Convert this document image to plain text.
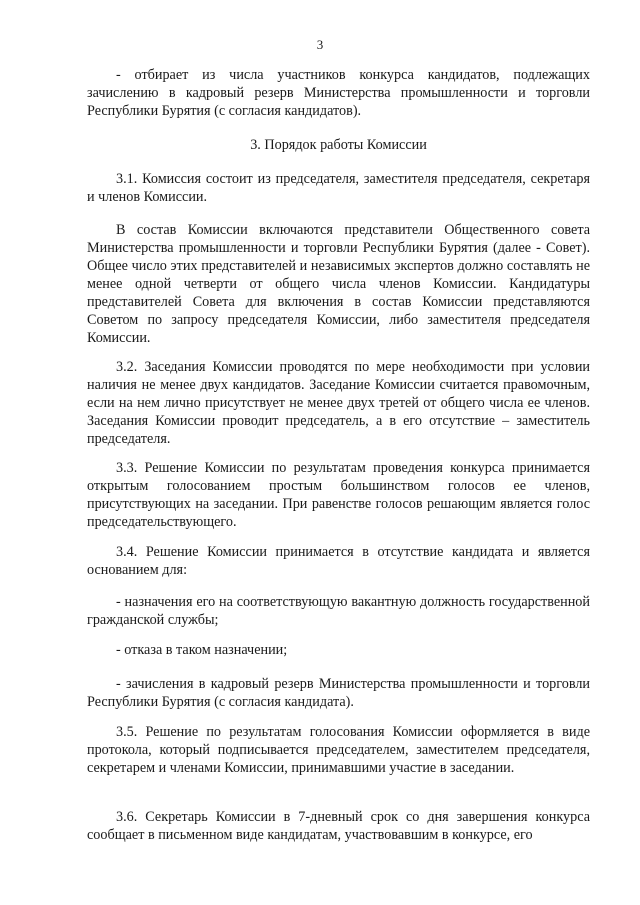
3

- отбирает из числа участников конкурса кандидатов, подлежащих зачислению в кадровый резерв Министерства промышленности и торговли Республики Бурятия (с согласия кандидатов).

3. Порядок работы Комиссии

3.1. Комиссия состоит из председателя, заместителя председателя, секретаря и членов Комиссии.

В состав Комиссии включаются представители Общественного совета Министерства промышленности и торговли Республики Бурятия (далее - Совет). Общее число этих представителей и независимых экспертов должно составлять не менее одной четверти от общего числа членов Комиссии. Кандидатуры представителей Совета для включения в состав Комиссии представляются Советом по запросу председателя Комиссии, либо заместителя председателя Комиссии.

3.2. Заседания Комиссии проводятся по мере необходимости при условии наличия не менее двух кандидатов. Заседание Комиссии считается правомочным, если на нем лично присутствует не менее двух третей от общего числа ее членов. Заседания Комиссии проводит председатель, а в его отсутствие – заместитель председателя.

3.3. Решение Комиссии по результатам проведения конкурса принимается открытым голосованием простым большинством голосов ее членов, присутствующих на заседании. При равенстве голосов решающим является голос председательствующего.

3.4. Решение Комиссии принимается в отсутствие кандидата и является основанием для:

- назначения его на соответствующую вакантную должность государственной гражданской службы;

- отказа в таком назначении;

- зачисления в кадровый резерв Министерства промышленности и торговли Республики Бурятия (с согласия кандидата).

3.5. Решение по результатам голосования Комиссии оформляется в виде протокола, который подписывается председателем, заместителем председателя, секретарем и членами Комиссии, принимавшими участие в заседании.

3.6. Секретарь Комиссии в 7-дневный срок со дня завершения конкурса сообщает в письменном виде кандидатам, участвовавшим в конкурсе, его
